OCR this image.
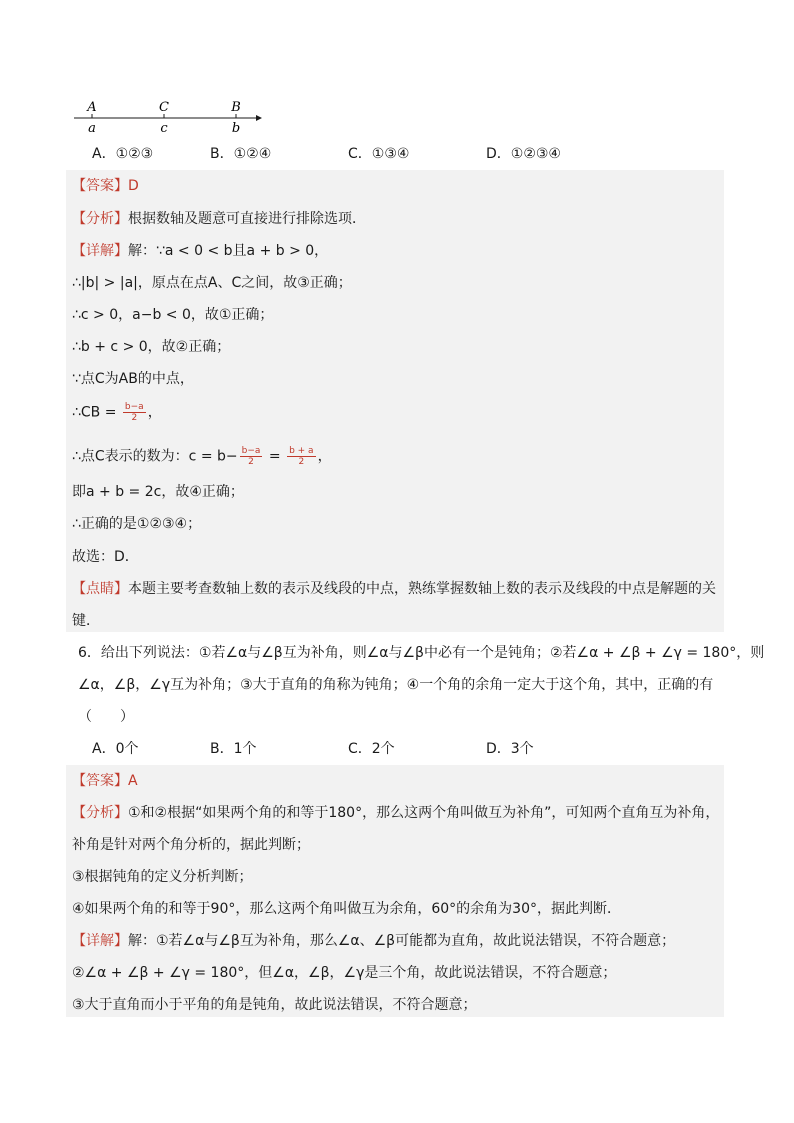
A	C	B
a	c	b
A．①②③	B．①②④	C．①③④	D．①②③④
【答案】D
【分析】根据数轴及题意可直接进行排除选项．
【详解】解：∵a < 0 < b且a + b > 0，
∴|b| > |a|，原点在点A、C之间，故③正确；
∴c > 0，a−b < 0，故①正确；
∴b + c > 0，故②正确；
∵点C为AB的中点，
∴CB = $\frac{b-a}{2}$ ，
∴点C表示的数为：$c = b- \frac{b-a}{2} = \frac{b + a}{2}$ ，
即a + b = 2c，故④正确；
∴正确的是①②③④；
故选：D．
【点睛】本题主要考查数轴上数的表示及线段的中点，熟练掌握数轴上数的表示及线段的中点是解题的关
键．
6．给出下列说法：①若∠α与∠β互为补角，则∠α与∠β中必有一个是钝角；②若∠α + ∠β + ∠γ = 180°，则
∠α，∠β，∠γ互为补角；③大于直角的角称为钝角；④一个角的余角一定大于这个角，其中，正确的有
（　　）
A．0个	B．1个	C．2个	D．3个
【答案】A
【分析】①和②根据“如果两个角的和等于180°，那么这两个角叫做互为补角”，可知两个直角互为补角，
补角是针对两个角分析的，据此判断；
③根据钝角的定义分析判断；
④如果两个角的和等于90°，那么这两个角叫做互为余角，60°的余角为30°，据此判断．
【详解】解：①若∠α与∠β互为补角，那么∠α、∠β可能都为直角，故此说法错误，不符合题意；
②∠α + ∠β + ∠γ = 180°，但∠α，∠β，∠γ是三个角，故此说法错误，不符合题意；
③大于直角而小于平角的角是钝角，故此说法错误，不符合题意；
